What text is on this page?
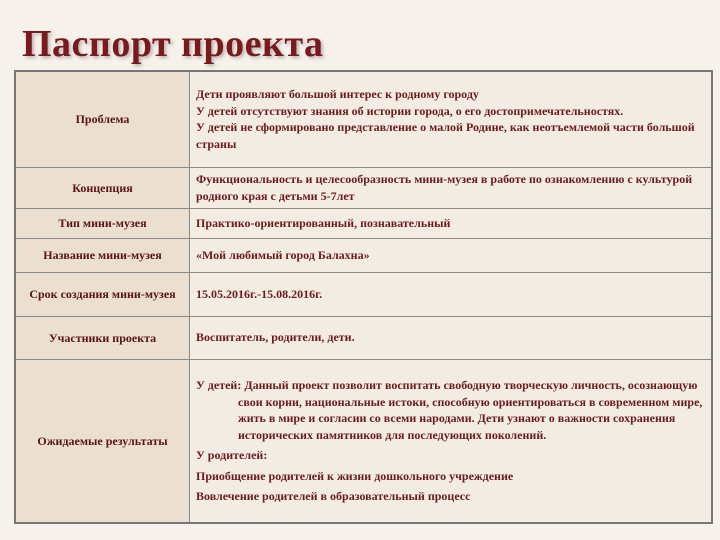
Паспорт проекта
Проблема	Дети проявляют большой интерес к родному городу
У детей отсутствуют знания об истории города, о его достопримечательностях.
У детей не сформировано представление о малой Родине, как неотъемлемой части большой страны

Концепция	Функциональность и целесообразность мини-музея в работе по ознакомлению с культурой родного края с детьми 5-7лет
Тип мини-музея	Практико-ориентированный, познавательный
Название мини-музея	«Мой любимый город Балахна»
Срок создания мини-музея	15.05.2016г.-15.08.2016г.
Участники проекта	Воспитатель, родители, дети.
Ожидаемые результаты	У детей: Данный проект позволит воспитать свободную творческую личность, осознающую свои корни, национальные истоки, способную ориентироваться в современном мире, жить в мире и согласии со всеми народами. Дети узнают о важности сохранения исторических памятников для последующих поколений.
У родителей:
Приобщение родителей к жизни дошкольного учреждение
Вовлечение родителей в образовательный процесс
